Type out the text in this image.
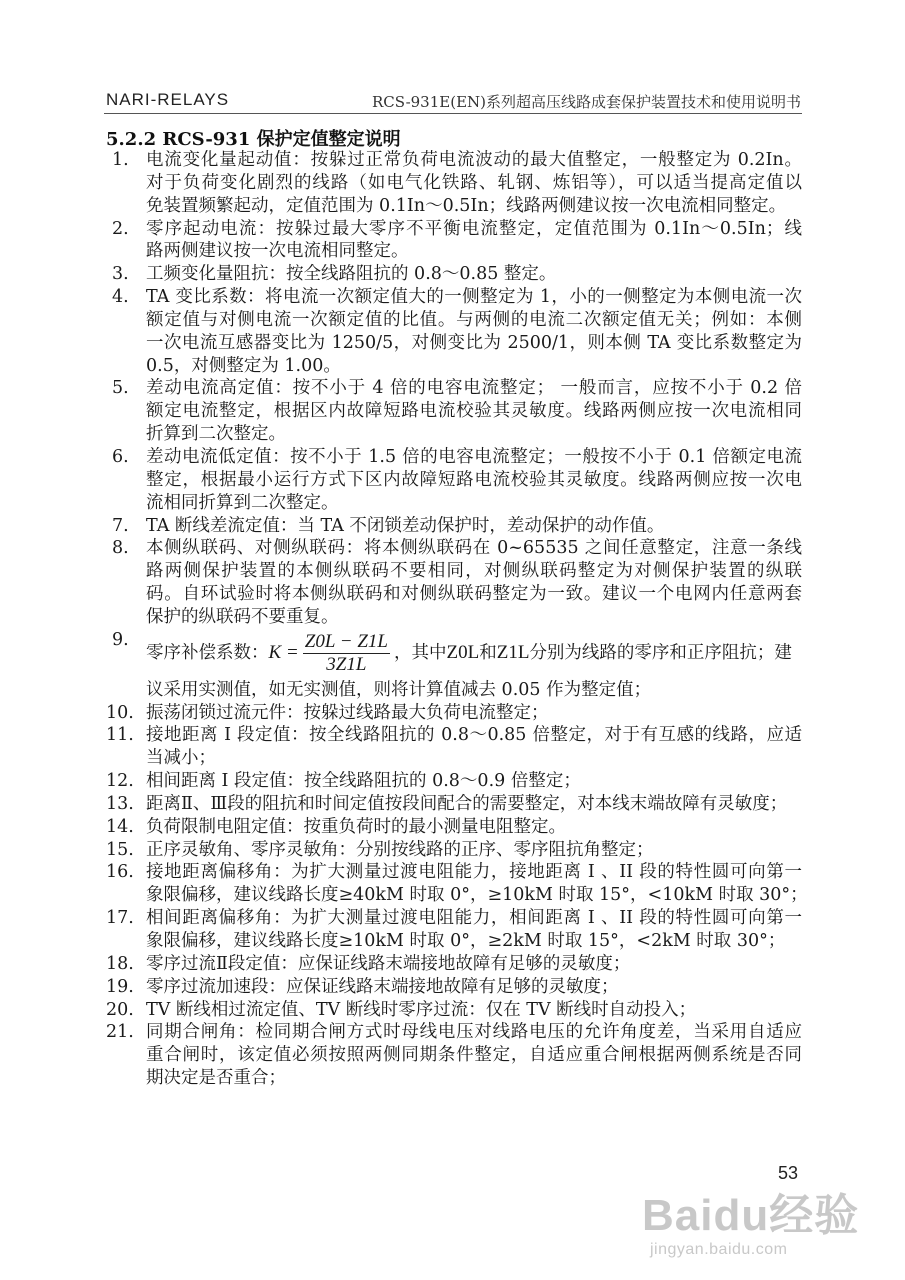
NARI-RELAYS	RCS-931E(EN)系列超高压线路成套保护装置技术和使用说明书
5.2.2 RCS-931 保护定值整定说明
1. 电流变化量起动值：按躲过正常负荷电流波动的最大值整定，一般整定为 0.2In。
对于负荷变化剧烈的线路（如电气化铁路、轧钢、炼铝等），可以适当提高定值以
免装置频繁起动，定值范围为 0.1In～0.5In；线路两侧建议按一次电流相同整定。
2. 零序起动电流：按躲过最大零序不平衡电流整定，定值范围为 0.1In～0.5In；线
路两侧建议按一次电流相同整定。
3. 工频变化量阻抗：按全线路阻抗的 0.8～0.85 整定。
4. TA 变比系数：将电流一次额定值大的一侧整定为 1，小的一侧整定为本侧电流一次
额定值与对侧电流一次额定值的比值。与两侧的电流二次额定值无关；例如：本侧
一次电流互感器变比为 1250/5，对侧变比为 2500/1，则本侧 TA 变比系数整定为
0.5，对侧整定为 1.00。
5. 差动电流高定值：按不小于 4 倍的电容电流整定； 一般而言，应按不小于 0.2 倍
额定电流整定，根据区内故障短路电流校验其灵敏度。线路两侧应按一次电流相同
折算到二次整定。
6. 差动电流低定值：按不小于 1.5 倍的电容电流整定；一般按不小于 0.1 倍额定电流
整定，根据最小运行方式下区内故障短路电流校验其灵敏度。线路两侧应按一次电
流相同折算到二次整定。
7. TA 断线差流定值：当 TA 不闭锁差动保护时，差动保护的动作值。
8. 本侧纵联码、对侧纵联码：将本侧纵联码在 0~65535 之间任意整定，注意一条线
路两侧保护装置的本侧纵联码不要相同，对侧纵联码整定为对侧保护装置的纵联
码。自环试验时将本侧纵联码和对侧纵联码整定为一致。建议一个电网内任意两套
保护的纵联码不要重复。
9.
零序补偿系数： $K = \frac{Z0L - Z1L}{3Z1L}$ ，其中 Z0L 和 Z1L 分别为线路的零序和正序阻抗；建
议采用实测值，如无实测值，则将计算值减去 0.05 作为整定值；
10. 振荡闭锁过流元件：按躲过线路最大负荷电流整定；
11. 接地距离 I 段定值：按全线路阻抗的 0.8～0.85 倍整定，对于有互感的线路，应适
当减小；
12. 相间距离 I 段定值：按全线路阻抗的 0.8～0.9 倍整定；
13. 距离Ⅱ、Ⅲ段的阻抗和时间定值按段间配合的需要整定，对本线末端故障有灵敏度；
14. 负荷限制电阻定值：按重负荷时的最小测量电阻整定。
15. 正序灵敏角、零序灵敏角：分别按线路的正序、零序阻抗角整定；
16. 接地距离偏移角：为扩大测量过渡电阻能力，接地距离 I 、II 段的特性圆可向第一
象限偏移，建议线路长度≥40kM 时取 0°，≥10kM 时取 15°，<10kM 时取 30°；
17. 相间距离偏移角：为扩大测量过渡电阻能力，相间距离 I 、II 段的特性圆可向第一
象限偏移，建议线路长度≥10kM 时取 0°，≥2kM 时取 15°，<2kM 时取 30°；
18. 零序过流Ⅱ段定值：应保证线路末端接地故障有足够的灵敏度；
19. 零序过流加速段：应保证线路末端接地故障有足够的灵敏度；
20. TV 断线相过流定值、TV 断线时零序过流：仅在 TV 断线时自动投入；
21. 同期合闸角：检同期合闸方式时母线电压对线路电压的允许角度差，当采用自适应
重合闸时，该定值必须按照两侧同期条件整定，自适应重合闸根据两侧系统是否同
期决定是否重合；
53
Baidu经验
jingyan.baidu.com
